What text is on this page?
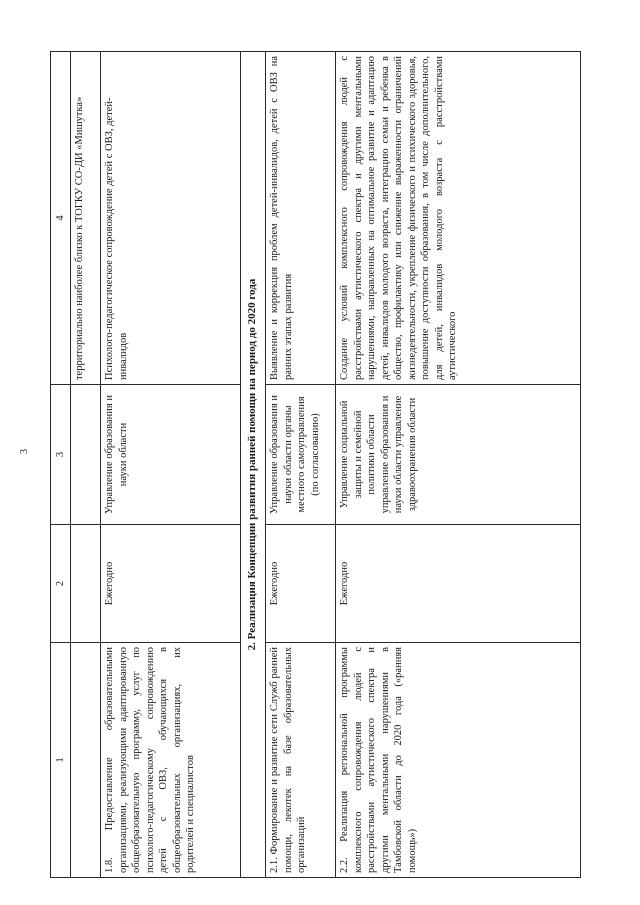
3
1	2	3	4
			территориально наиболее близко к ТОГКУ СО-ДИ «Мишутка»
1.8. Предоставление образовательными организациями, реализующими адаптированную общеобразовательную программу, услуг по психолого-педагогическому сопровождению детей с ОВЗ, обучающихся в общеобразовательных организациях, их родителей и специалистов	Ежегодно	Управление образования и науки области	Психолого-педагогическое сопровождение детей с ОВЗ, детей-инвалидов
2. Реализация Концепции развития ранней помощи на период до 2020 года			
2.1. Формирование и развитие сети Служб ранней помощи, лекотек на базе образовательных организаций	Ежегодно	Управление образования и науки области органы местного самоуправления (по согласованию)	Выявление и коррекция проблем детей-инвалидов, детей с ОВЗ на ранних этапах развития
2.2. Реализация региональной программы комплексного сопровождения людей с расстройствами аутистического спектра и другими ментальными нарушениями в Тамбовской области до 2020 года («ранняя помощь»)	Ежегодно	Управление социальной защиты и семейной политики области управление образования и науки области управление здравоохранения области	Создание условий комплексного сопровождения людей с расстройствами аутистического спектра и другими ментальными нарушениями, направленных на оптимальное развитие и адаптацию детей, инвалидов молодого возраста, интеграцию семьи и ребенка в общество, профилактику или снижение выраженности ограничений жизнедеятельности, укрепление физического и психического здоровья, повышение доступности образования, в том числе дополнительного, для детей, инвалидов молодого возраста с расстройствами аутистического
